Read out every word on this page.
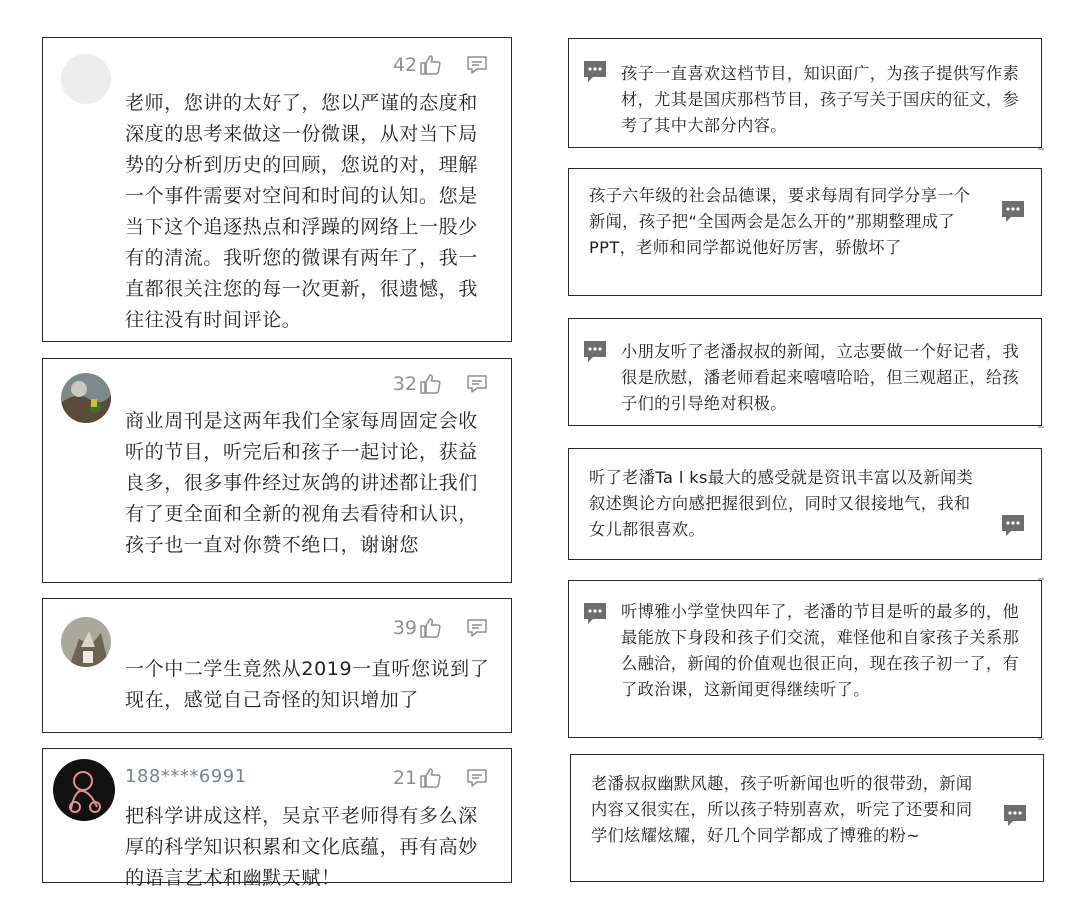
42
老师，您讲的太好了，您以严谨的态度和深度的思考来做这一份微课，从对当下局势的分析到历史的回顾，您说的对，理解一个事件需要对空间和时间的认知。您是当下这个追逐热点和浮躁的网络上一股少有的清流。我听您的微课有两年了，我一直都很关注您的每一次更新，很遗憾，我往往没有时间评论。
32
商业周刊是这两年我们全家每周固定会收听的节目，听完后和孩子一起讨论，获益良多，很多事件经过灰鸽的讲述都让我们有了更全面和全新的视角去看待和认识，孩子也一直对你赞不绝口，谢谢您
39
一个中二学生竟然从2019一直听您说到了现在，感觉自己奇怪的知识增加了
188****6991	21
把科学讲成这样，吴京平老师得有多么深厚的科学知识积累和文化底蕴，再有高妙的语言艺术和幽默天赋！
孩子一直喜欢这档节目，知识面广，为孩子提供写作素材，尤其是国庆那档节目，孩子写关于国庆的征文，参考了其中大部分内容。
孩子六年级的社会品德课，要求每周有同学分享一个新闻，孩子把“全国两会是怎么开的”那期整理成了PPT，老师和同学都说他好厉害，骄傲坏了
小朋友听了老潘叔叔的新闻，立志要做一个好记者，我很是欣慰，潘老师看起来嘻嘻哈哈，但三观超正，给孩子们的引导绝对积极。
听了老潘Ta l ks最大的感受就是资讯丰富以及新闻类叙述舆论方向感把握很到位，同时又很接地气，我和女儿都很喜欢。
听博雅小学堂快四年了，老潘的节目是听的最多的，他最能放下身段和孩子们交流，难怪他和自家孩子关系那么融洽，新闻的价值观也很正向，现在孩子初一了，有了政治课，这新闻更得继续听了。
老潘叔叔幽默风趣，孩子听新闻也听的很带劲，新闻内容又很实在，所以孩子特别喜欢，听完了还要和同学们炫耀炫耀，好几个同学都成了博雅的粉~
